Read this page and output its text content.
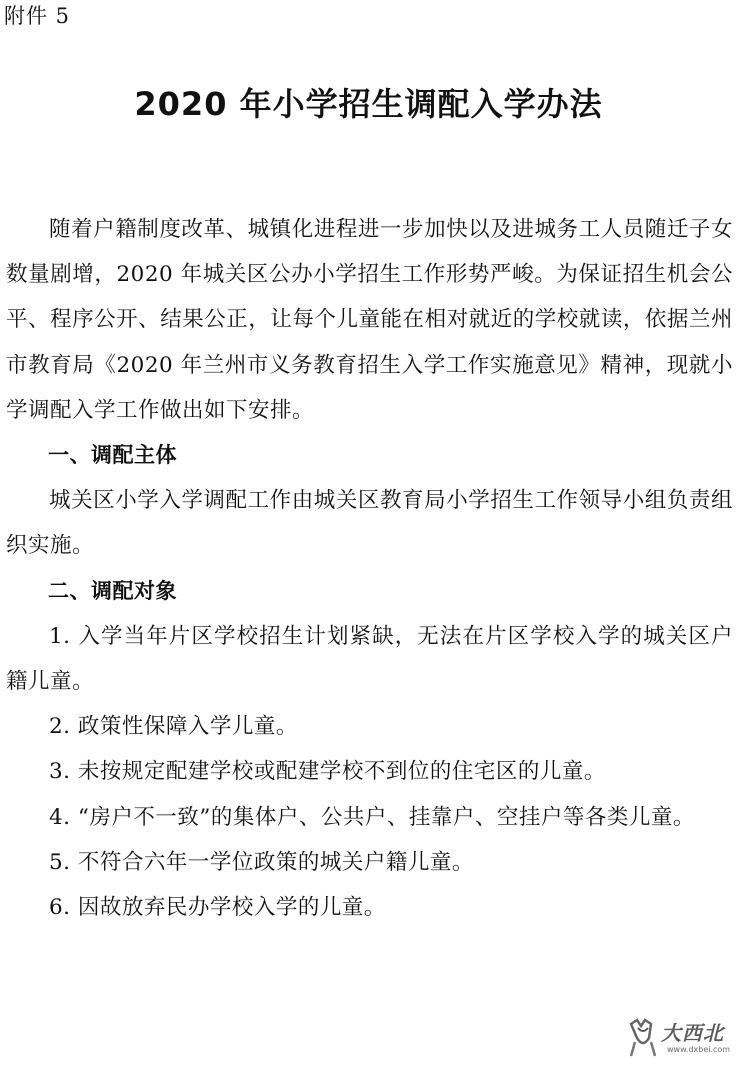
附件 5
2020 年小学招生调配入学办法

随着户籍制度改革、城镇化进程进一步加快以及进城务工人员随迁子女数量剧增，2020 年城关区公办小学招生工作形势严峻。为保证招生机会公平、程序公开、结果公正，让每个儿童能在相对就近的学校就读，依据兰州市教育局《2020 年兰州市义务教育招生入学工作实施意见》精神，现就小学调配入学工作做出如下安排。

一、调配主体

城关区小学入学调配工作由城关区教育局小学招生工作领导小组负责组织实施。

二、调配对象

1. 入学当年片区学校招生计划紧缺，无法在片区学校入学的城关区户籍儿童。

2. 政策性保障入学儿童。

3. 未按规定配建学校或配建学校不到位的住宅区的儿童。

4. “房户不一致”的集体户、公共户、挂靠户、空挂户等各类儿童。

5. 不符合六年一学位政策的城关户籍儿童。

6. 因故放弃民办学校入学的儿童。

大西北
www.dxbei.com
